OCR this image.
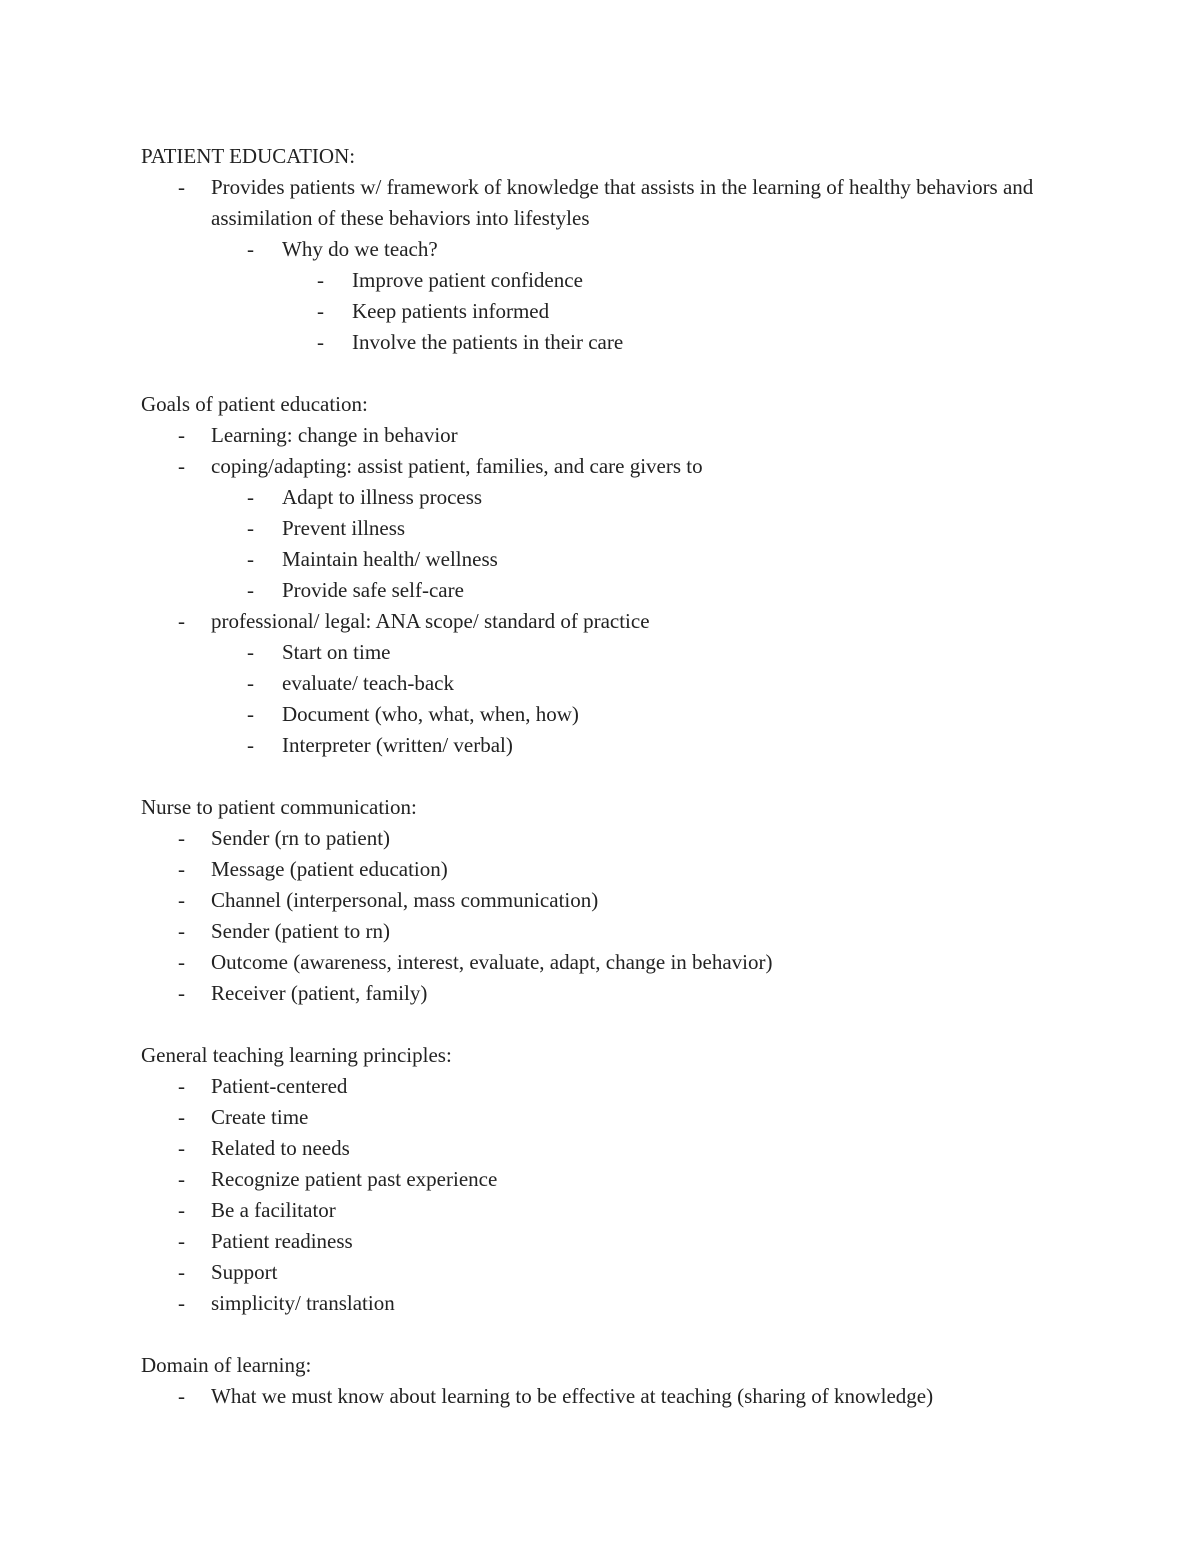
PATIENT EDUCATION:
- Provides patients w/ framework of knowledge that assists in the learning of healthy behaviors and assimilation of these behaviors into lifestyles
- Why do we teach?
- Improve patient confidence
- Keep patients informed
- Involve the patients in their care
Goals of patient education:
- Learning: change in behavior
- coping/adapting: assist patient, families, and care givers to
- Adapt to illness process
- Prevent illness
- Maintain health/ wellness
- Provide safe self-care
- professional/ legal: ANA scope/ standard of practice
- Start on time
- evaluate/ teach-back
- Document (who, what, when, how)
- Interpreter (written/ verbal)
Nurse to patient communication:
- Sender (rn to patient)
- Message (patient education)
- Channel (interpersonal, mass communication)
- Sender (patient to rn)
- Outcome (awareness, interest, evaluate, adapt, change in behavior)
- Receiver (patient, family)
General teaching learning principles:
- Patient-centered
- Create time
- Related to needs
- Recognize patient past experience
- Be a facilitator
- Patient readiness
- Support
- simplicity/ translation
Domain of learning:
- What we must know about learning to be effective at teaching (sharing of knowledge)
